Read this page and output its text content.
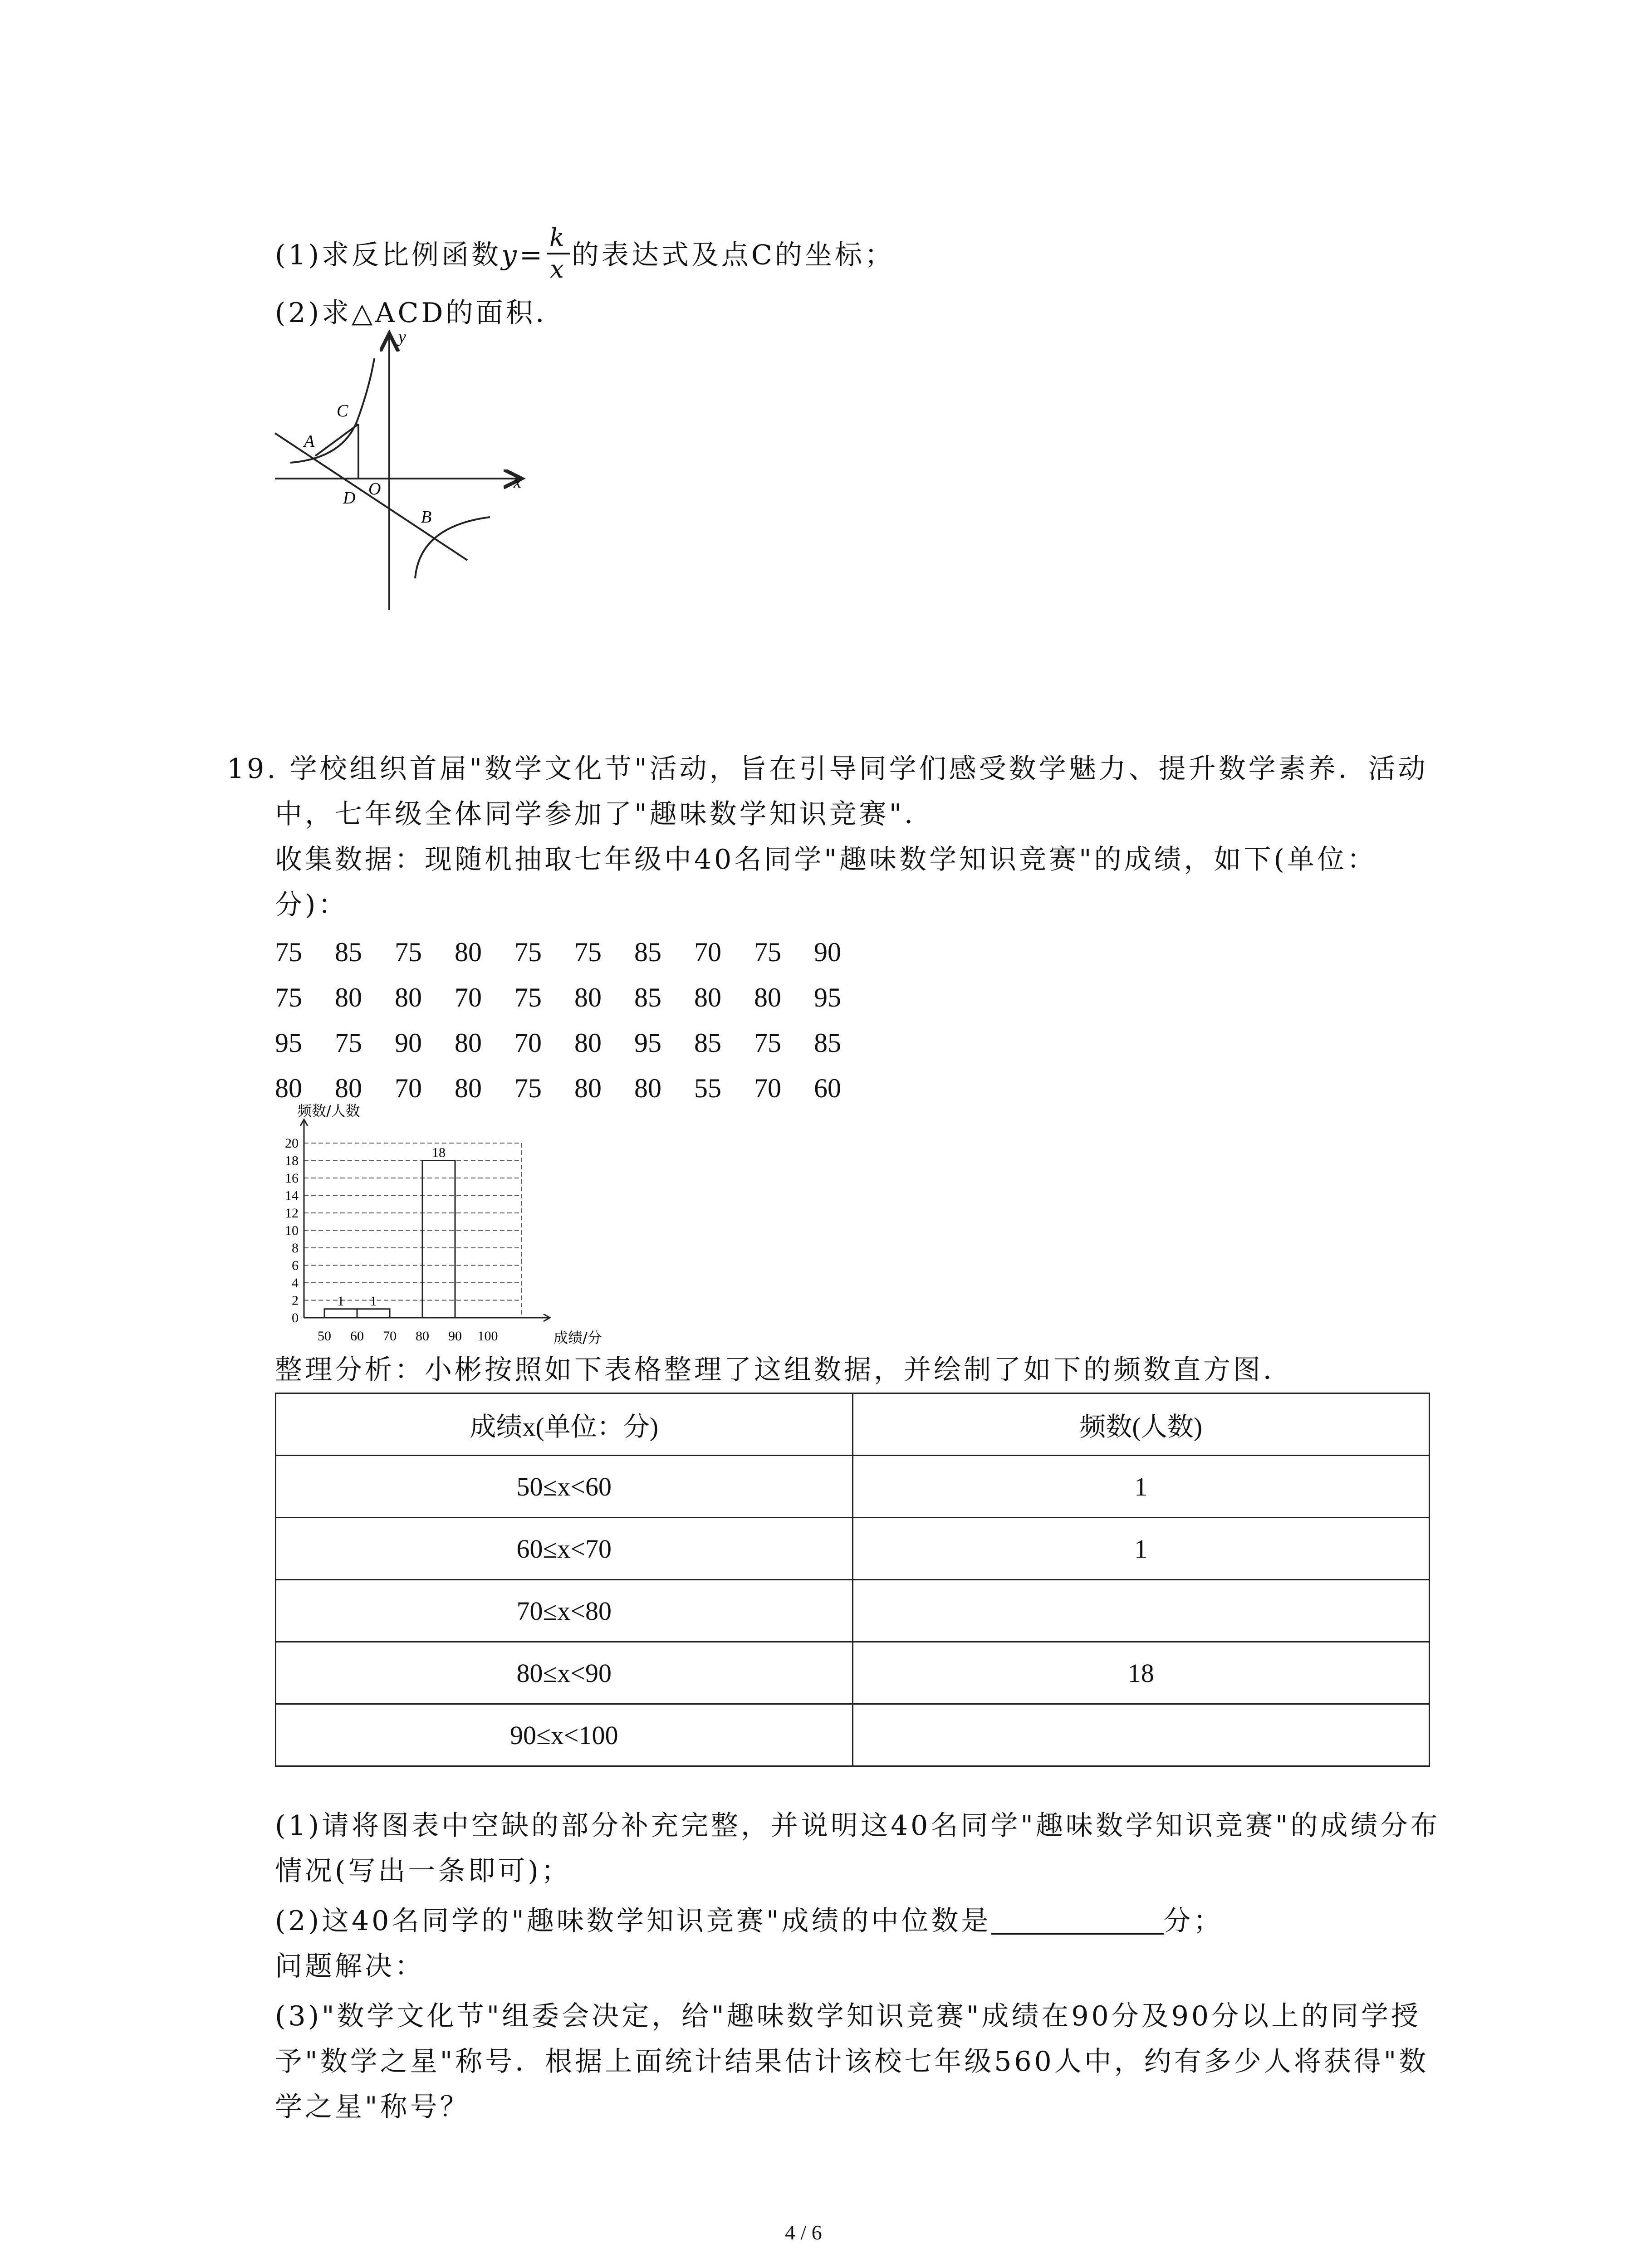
(1)求反比例函数$y= \frac{k}{x}$ 的表达式及点C的坐标；
(2)求△ACD的面积．
y
x
O
A
C
D
B
19. 学校组织首届"数学文化节"活动，旨在引导同学们感受数学魅力、提升数学素养．活动
中，七年级全体同学参加了"趣味数学知识竞赛"．
收集数据：现随机抽取七年级中40名同学"趣味数学知识竞赛"的成绩，如下(单位：
分)：
75 85 75 80 75 75 85 70 75 90
75 80 80 70 75 80 85 80 80 95
95 75 90 80 70 80 95 85 75 85
80 80 70 80 75 80 80 55 70 60
0
2
4
6
8
10
12
14
16
18
20
频数/人数
成绩/分
50 60 70 80 90 100
1 1
18
整理分析：小彬按照如下表格整理了这组数据，并绘制了如下的频数直方图．
成绩x(单位：分)	频数(人数)
50≤x<60	1
60≤x<70	1
70≤x<80	
80≤x<90	18
90≤x<100	
(1)请将图表中空缺的部分补充完整，并说明这40名同学"趣味数学知识竞赛"的成绩分布
情况(写出一条即可)；
(2)这40名同学的"趣味数学知识竞赛"成绩的中位数是	分；
问题解决：
(3)"数学文化节"组委会决定，给"趣味数学知识竞赛"成绩在90分及90分以上的同学授
予"数学之星"称号．根据上面统计结果估计该校七年级560人中，约有多少人将获得"数
学之星"称号？
4 / 6
